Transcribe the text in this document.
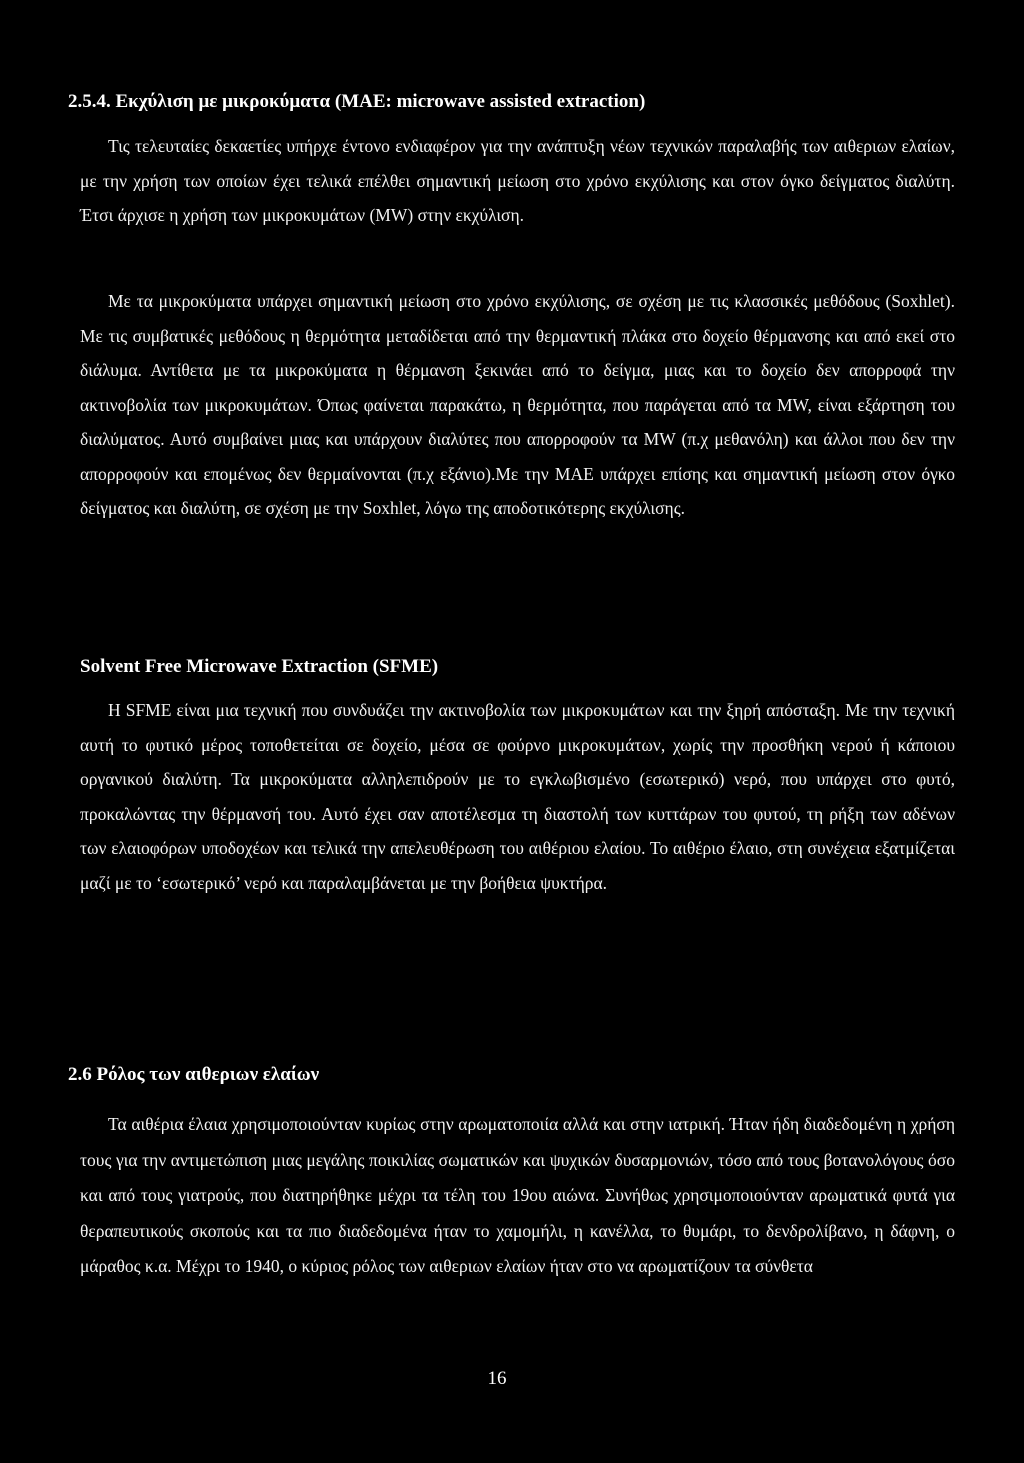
2.5.4. Εκχύλιση με μικροκύματα (MAE: microwave assisted extraction)

Τις τελευταίες δεκαετίες υπήρχε έντονο ενδιαφέρον για την ανάπτυξη νέων τεχνικών παραλαβής των αιθεριων ελαίων, με την χρήση των οποίων έχει τελικά επέλθει σημαντική μείωση στο χρόνο εκχύλισης και στον όγκο δείγματος διαλύτη. Έτσι άρχισε η χρήση των μικροκυμάτων (MW) στην εκχύλιση.

Με τα μικροκύματα υπάρχει σημαντική μείωση στο χρόνο εκχύλισης, σε σχέση με τις κλασσικές μεθόδους (Soxhlet). Με τις συμβατικές μεθόδους η θερμότητα μεταδίδεται από την θερμαντική πλάκα στο δοχείο θέρμανσης και από εκεί στο διάλυμα. Αντίθετα με τα μικροκύματα η θέρμανση ξεκινάει από το δείγμα, μιας και το δοχείο δεν απορροφά την ακτινοβολία των μικροκυμάτων. Όπως φαίνεται παρακάτω, η θερμότητα, που παράγεται από τα MW, είναι εξάρτηση του διαλύματος. Αυτό συμβαίνει μιας και υπάρχουν διαλύτες που απορροφούν τα MW (π.χ μεθανόλη) και άλλοι που δεν την απορροφούν και επομένως δεν θερμαίνονται (π.χ εξάνιο).Με την MAE υπάρχει επίσης και σημαντική μείωση στον όγκο δείγματος και διαλύτη, σε σχέση με την Soxhlet, λόγω της αποδοτικότερης εκχύλισης.

Solvent Free Microwave Extraction (SFME)

Η SFME είναι μια τεχνική που συνδυάζει την ακτινοβολία των μικροκυμάτων και την ξηρή απόσταξη. Με την τεχνική αυτή το φυτικό μέρος τοποθετείται σε δοχείο, μέσα σε φούρνο μικροκυμάτων, χωρίς την προσθήκη νερού ή κάποιου οργανικού διαλύτη. Τα μικροκύματα αλληλεπιδρούν με το εγκλωβισμένο (εσωτερικό) νερό, που υπάρχει στο φυτό, προκαλώντας την θέρμανσή του. Αυτό έχει σαν αποτέλεσμα τη διαστολή των κυττάρων του φυτού, τη ρήξη των αδένων των ελαιοφόρων υποδοχέων και τελικά την απελευθέρωση του αιθέριου ελαίου. Το αιθέριο έλαιο, στη συνέχεια εξατμίζεται μαζί με το ‘εσωτερικό’ νερό και παραλαμβάνεται με την βοήθεια ψυκτήρα.

2.6 Ρόλος των αιθεριων ελαίων

Τα αιθέρια έλαια χρησιμοποιούνταν κυρίως στην αρωματοποιία αλλά και στην ιατρική. Ήταν ήδη διαδεδομένη η χρήση τους για την αντιμετώπιση μιας μεγάλης ποικιλίας σωματικών και ψυχικών δυσαρμονιών, τόσο από τους βοτανολόγους όσο και από τους γιατρούς, που διατηρήθηκε μέχρι τα τέλη του 19ου αιώνα. Συνήθως χρησιμοποιούνταν αρωματικά φυτά για θεραπευτικούς σκοπούς και τα πιο διαδεδομένα ήταν το χαμομήλι, η κανέλλα, το θυμάρι, το δενδρολίβανο, η δάφνη, ο μάραθος κ.α. Μέχρι το 1940, ο κύριος ρόλος των αιθεριων ελαίων ήταν στο να αρωματίζουν τα σύνθετα

16
